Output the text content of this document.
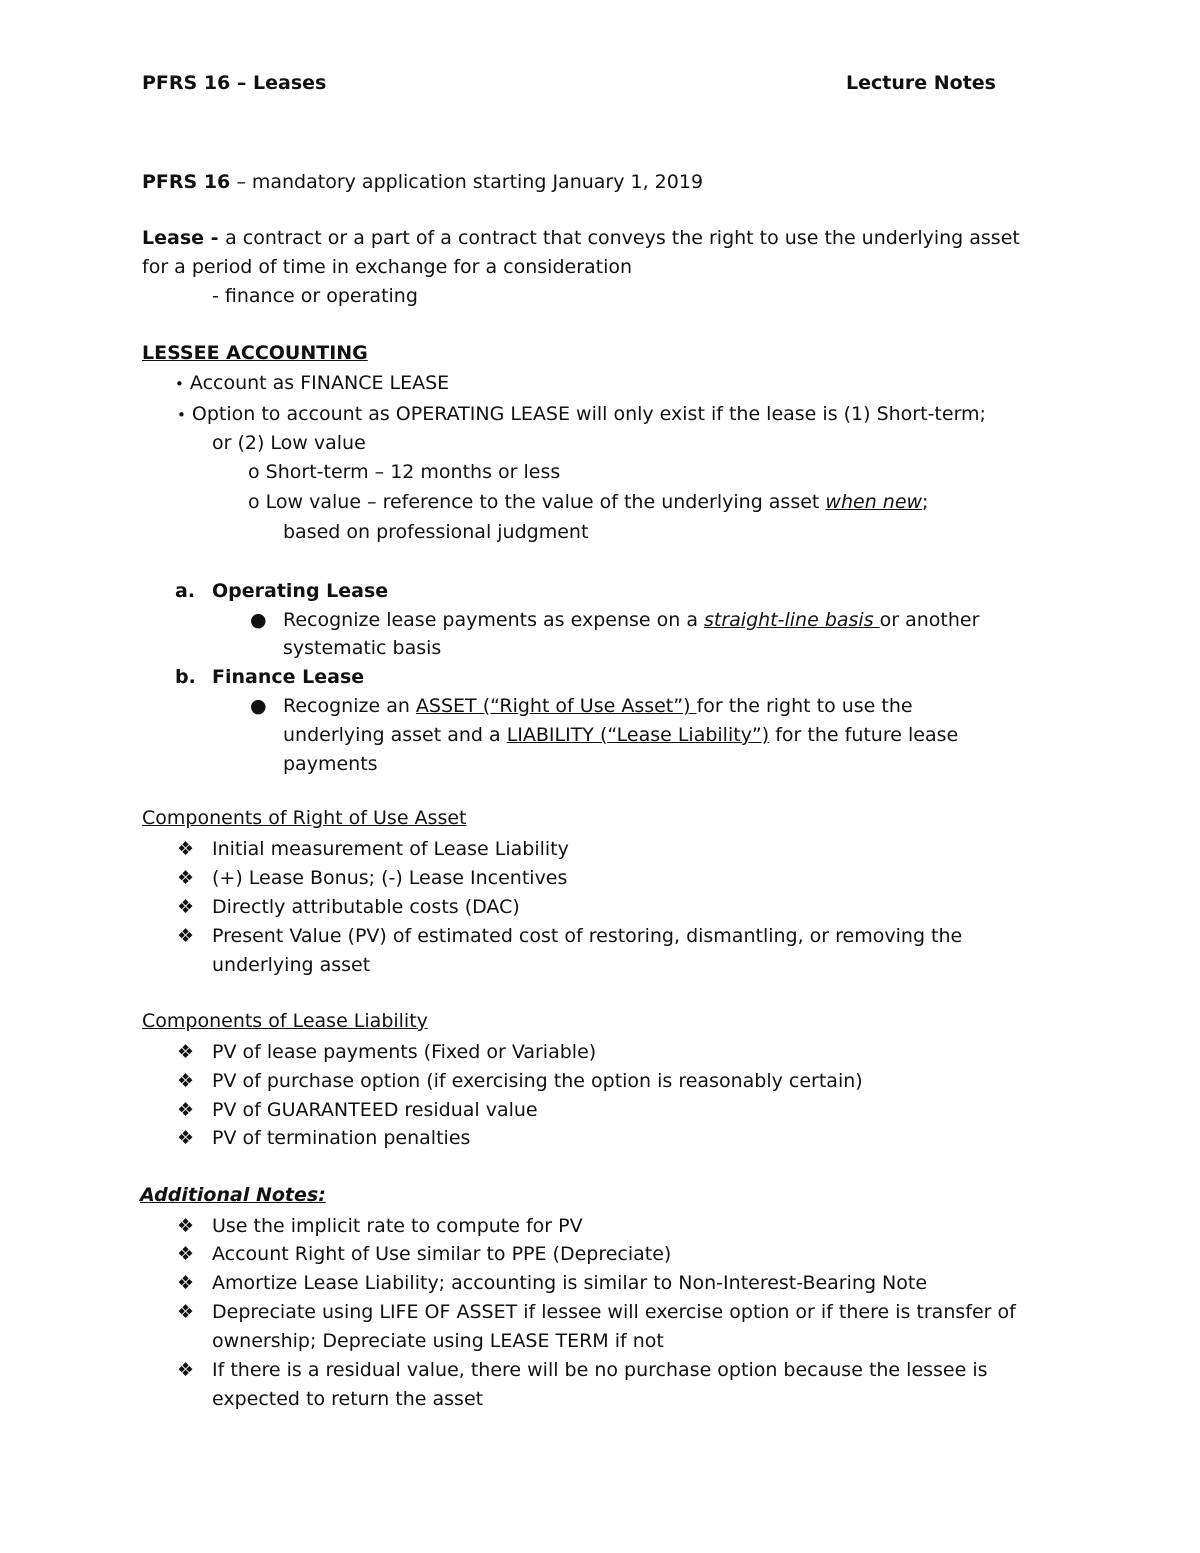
PFRS 16 – Leases	Lecture Notes
PFRS 16 – mandatory application starting January 1, 2019
Lease - a contract or a part of a contract that conveys the right to use the underlying asset
for a period of time in exchange for a consideration
- finance or operating
LESSEE ACCOUNTING
• Account as FINANCE LEASE
• Option to account as OPERATING LEASE will only exist if the lease is (1) Short-term;
or (2) Low value
o Short-term – 12 months or less
o Low value – reference to the value of the underlying asset when new;
based on professional judgment
a. Operating Lease
● Recognize lease payments as expense on a straight-line basis or another
systematic basis
b. Finance Lease
● Recognize an ASSET (“Right of Use Asset”) for the right to use the
underlying asset and a LIABILITY (“Lease Liability”) for the future lease
payments
Components of Right of Use Asset
❖ Initial measurement of Lease Liability
❖ (+) Lease Bonus; (-) Lease Incentives
❖ Directly attributable costs (DAC)
❖ Present Value (PV) of estimated cost of restoring, dismantling, or removing the
underlying asset
Components of Lease Liability
❖ PV of lease payments (Fixed or Variable)
❖ PV of purchase option (if exercising the option is reasonably certain)
❖ PV of GUARANTEED residual value
❖ PV of termination penalties
Additional Notes:
❖ Use the implicit rate to compute for PV
❖ Account Right of Use similar to PPE (Depreciate)
❖ Amortize Lease Liability; accounting is similar to Non-Interest-Bearing Note
❖ Depreciate using LIFE OF ASSET if lessee will exercise option or if there is transfer of
ownership; Depreciate using LEASE TERM if not
❖ If there is a residual value, there will be no purchase option because the lessee is
expected to return the asset
